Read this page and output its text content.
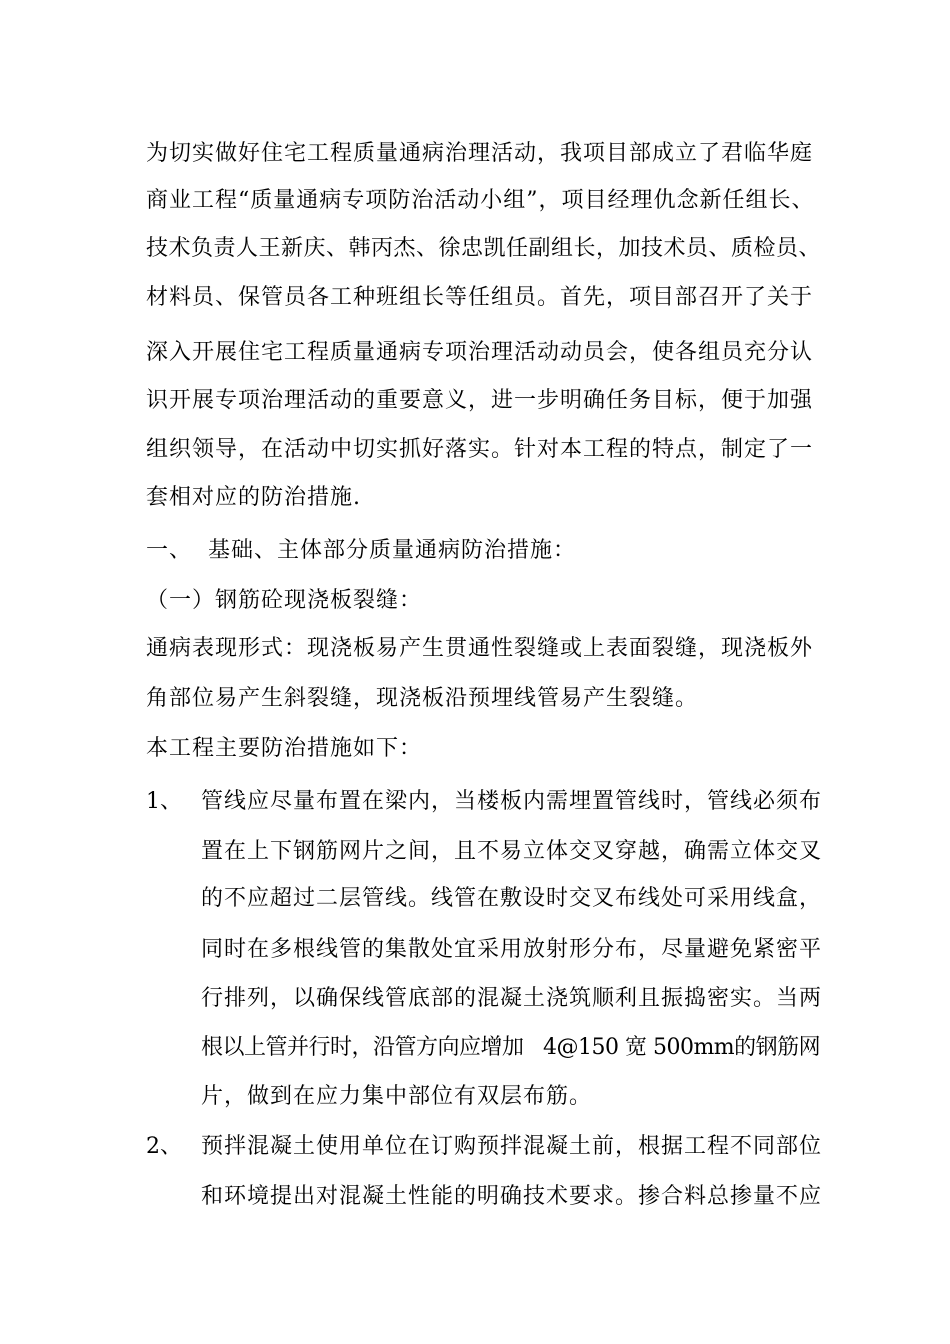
为切实做好住宅工程质量通病治理活动，我项目部成立了君临华庭
商业工程“质量通病专项防治活动小组”，项目经理仇念新任组长、
技术负责人王新庆、韩丙杰、徐忠凯任副组长，加技术员、质检员、
材料员、保管员各工种班组长等任组员。首先，项目部召开了关于
深入开展住宅工程质量通病专项治理活动动员会，使各组员充分认
识开展专项治理活动的重要意义，进一步明确任务目标，便于加强
组织领导，在活动中切实抓好落实。针对本工程的特点，制定了一
套相对应的防治措施.
一、  基础、主体部分质量通病防治措施：
（一）钢筋砼现浇板裂缝：
通病表现形式：现浇板易产生贯通性裂缝或上表面裂缝，现浇板外
角部位易产生斜裂缝，现浇板沿预埋线管易产生裂缝。
本工程主要防治措施如下：
1、 管线应尽量布置在梁内，当楼板内需埋置管线时，管线必须布
置在上下钢筋网片之间，且不易立体交叉穿越，确需立体交叉
的不应超过二层管线。线管在敷设时交叉布线处可采用线盒，
同时在多根线管的集散处宜采用放射形分布，尽量避免紧密平
行排列，以确保线管底部的混凝土浇筑顺利且振捣密实。当两
根以上管并行时，沿管方向应增加   4@150 宽 500mm的钢筋网
片，做到在应力集中部位有双层布筋。
2、 预拌混凝土使用单位在订购预拌混凝土前，根据工程不同部位
和环境提出对混凝土性能的明确技术要求。掺合料总掺量不应
